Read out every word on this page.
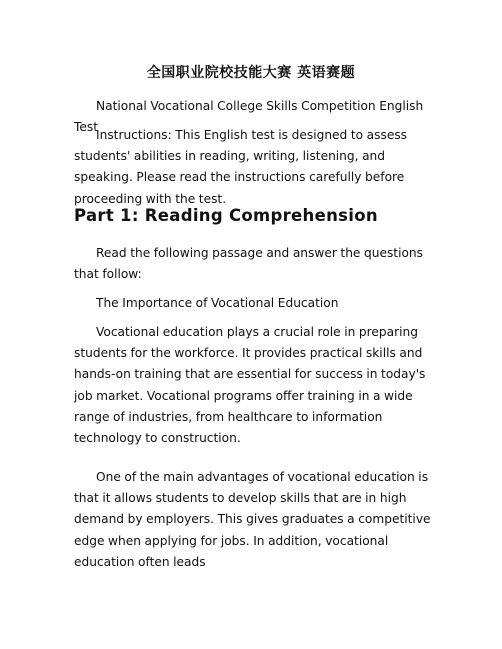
全国职业院校技能大赛 英语赛题

National Vocational College Skills Competition English Test

Instructions: This English test is designed to assess students' abilities in reading, writing, listening, and speaking. Please read the instructions carefully before proceeding with the test.

Part 1: Reading Comprehension

Read the following passage and answer the questions that follow:

The Importance of Vocational Education

Vocational education plays a crucial role in preparing students for the workforce. It provides practical skills and hands-on training that are essential for success in today's job market. Vocational programs offer training in a wide range of industries, from healthcare to information technology to construction.

One of the main advantages of vocational education is that it allows students to develop skills that are in high demand by employers. This gives graduates a competitive edge when applying for jobs. In addition, vocational education often leads
